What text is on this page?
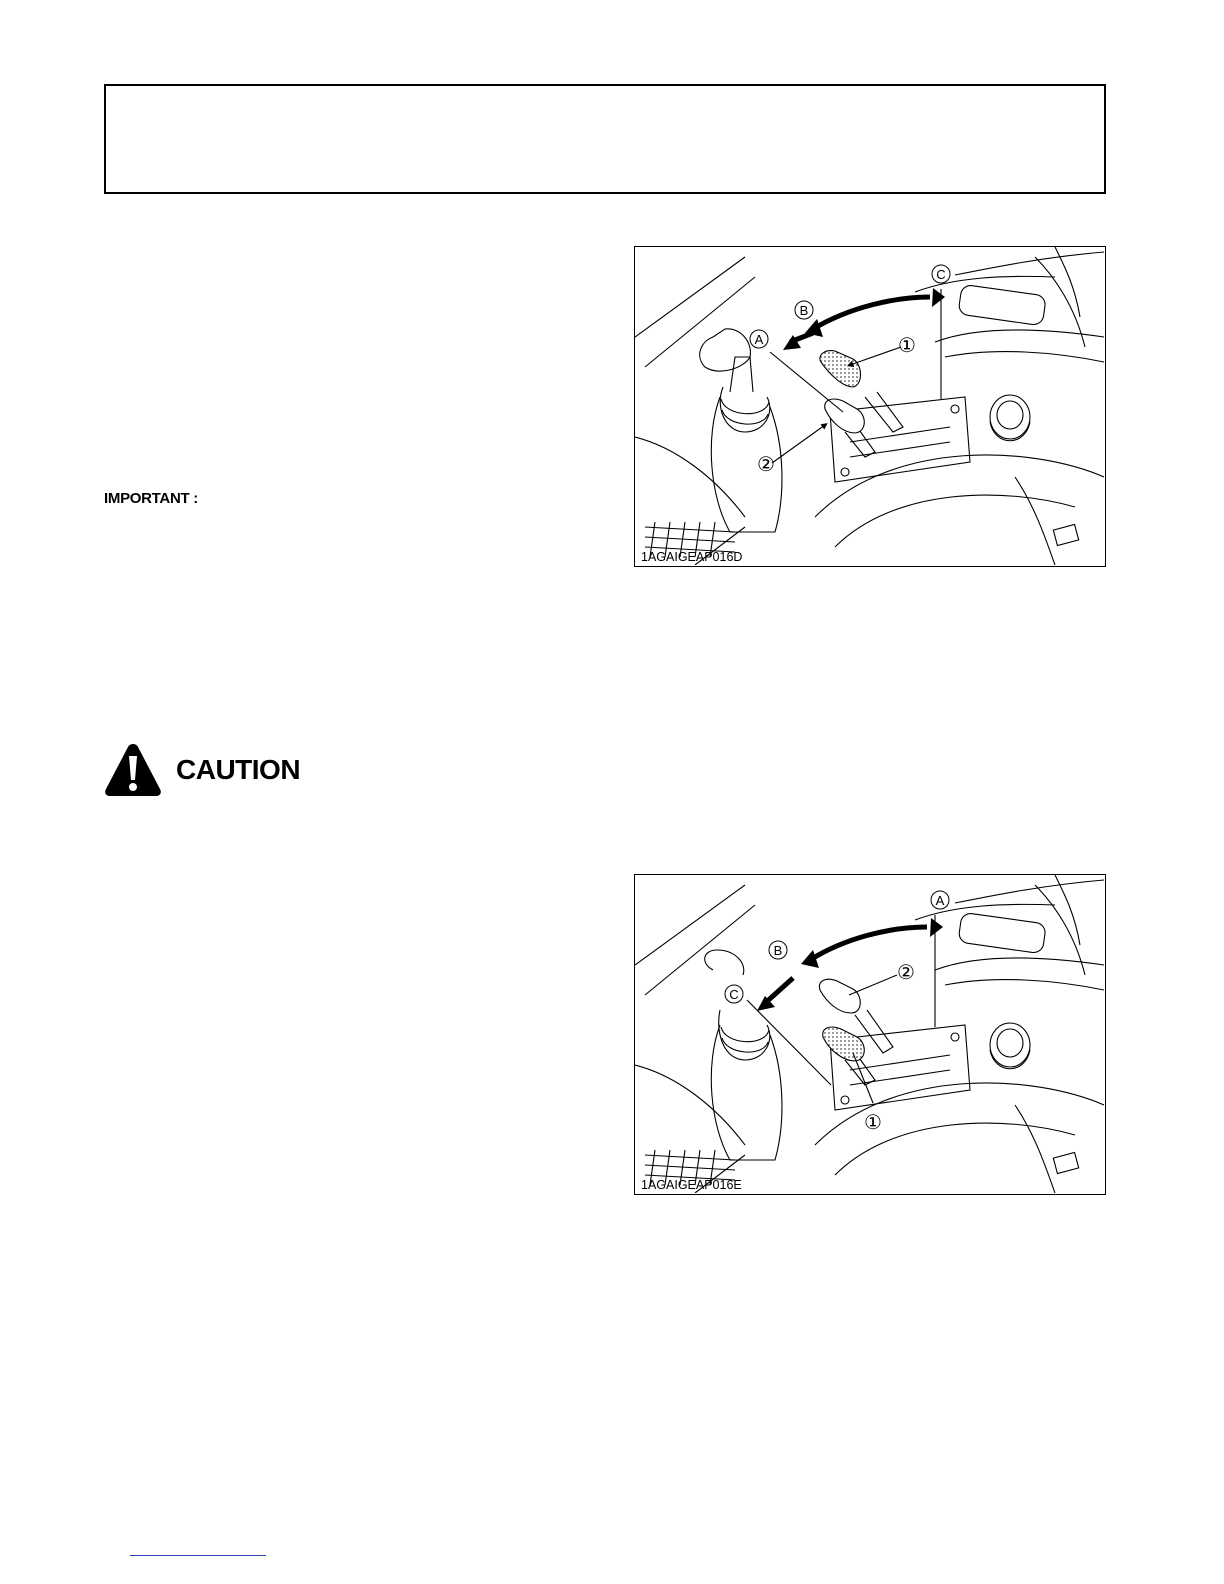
IMPORTANT :
C
B
A	①
②
1AGAIGEAP016D
CAUTION
A
B
C
②
①
1AGAIGEAP016E
